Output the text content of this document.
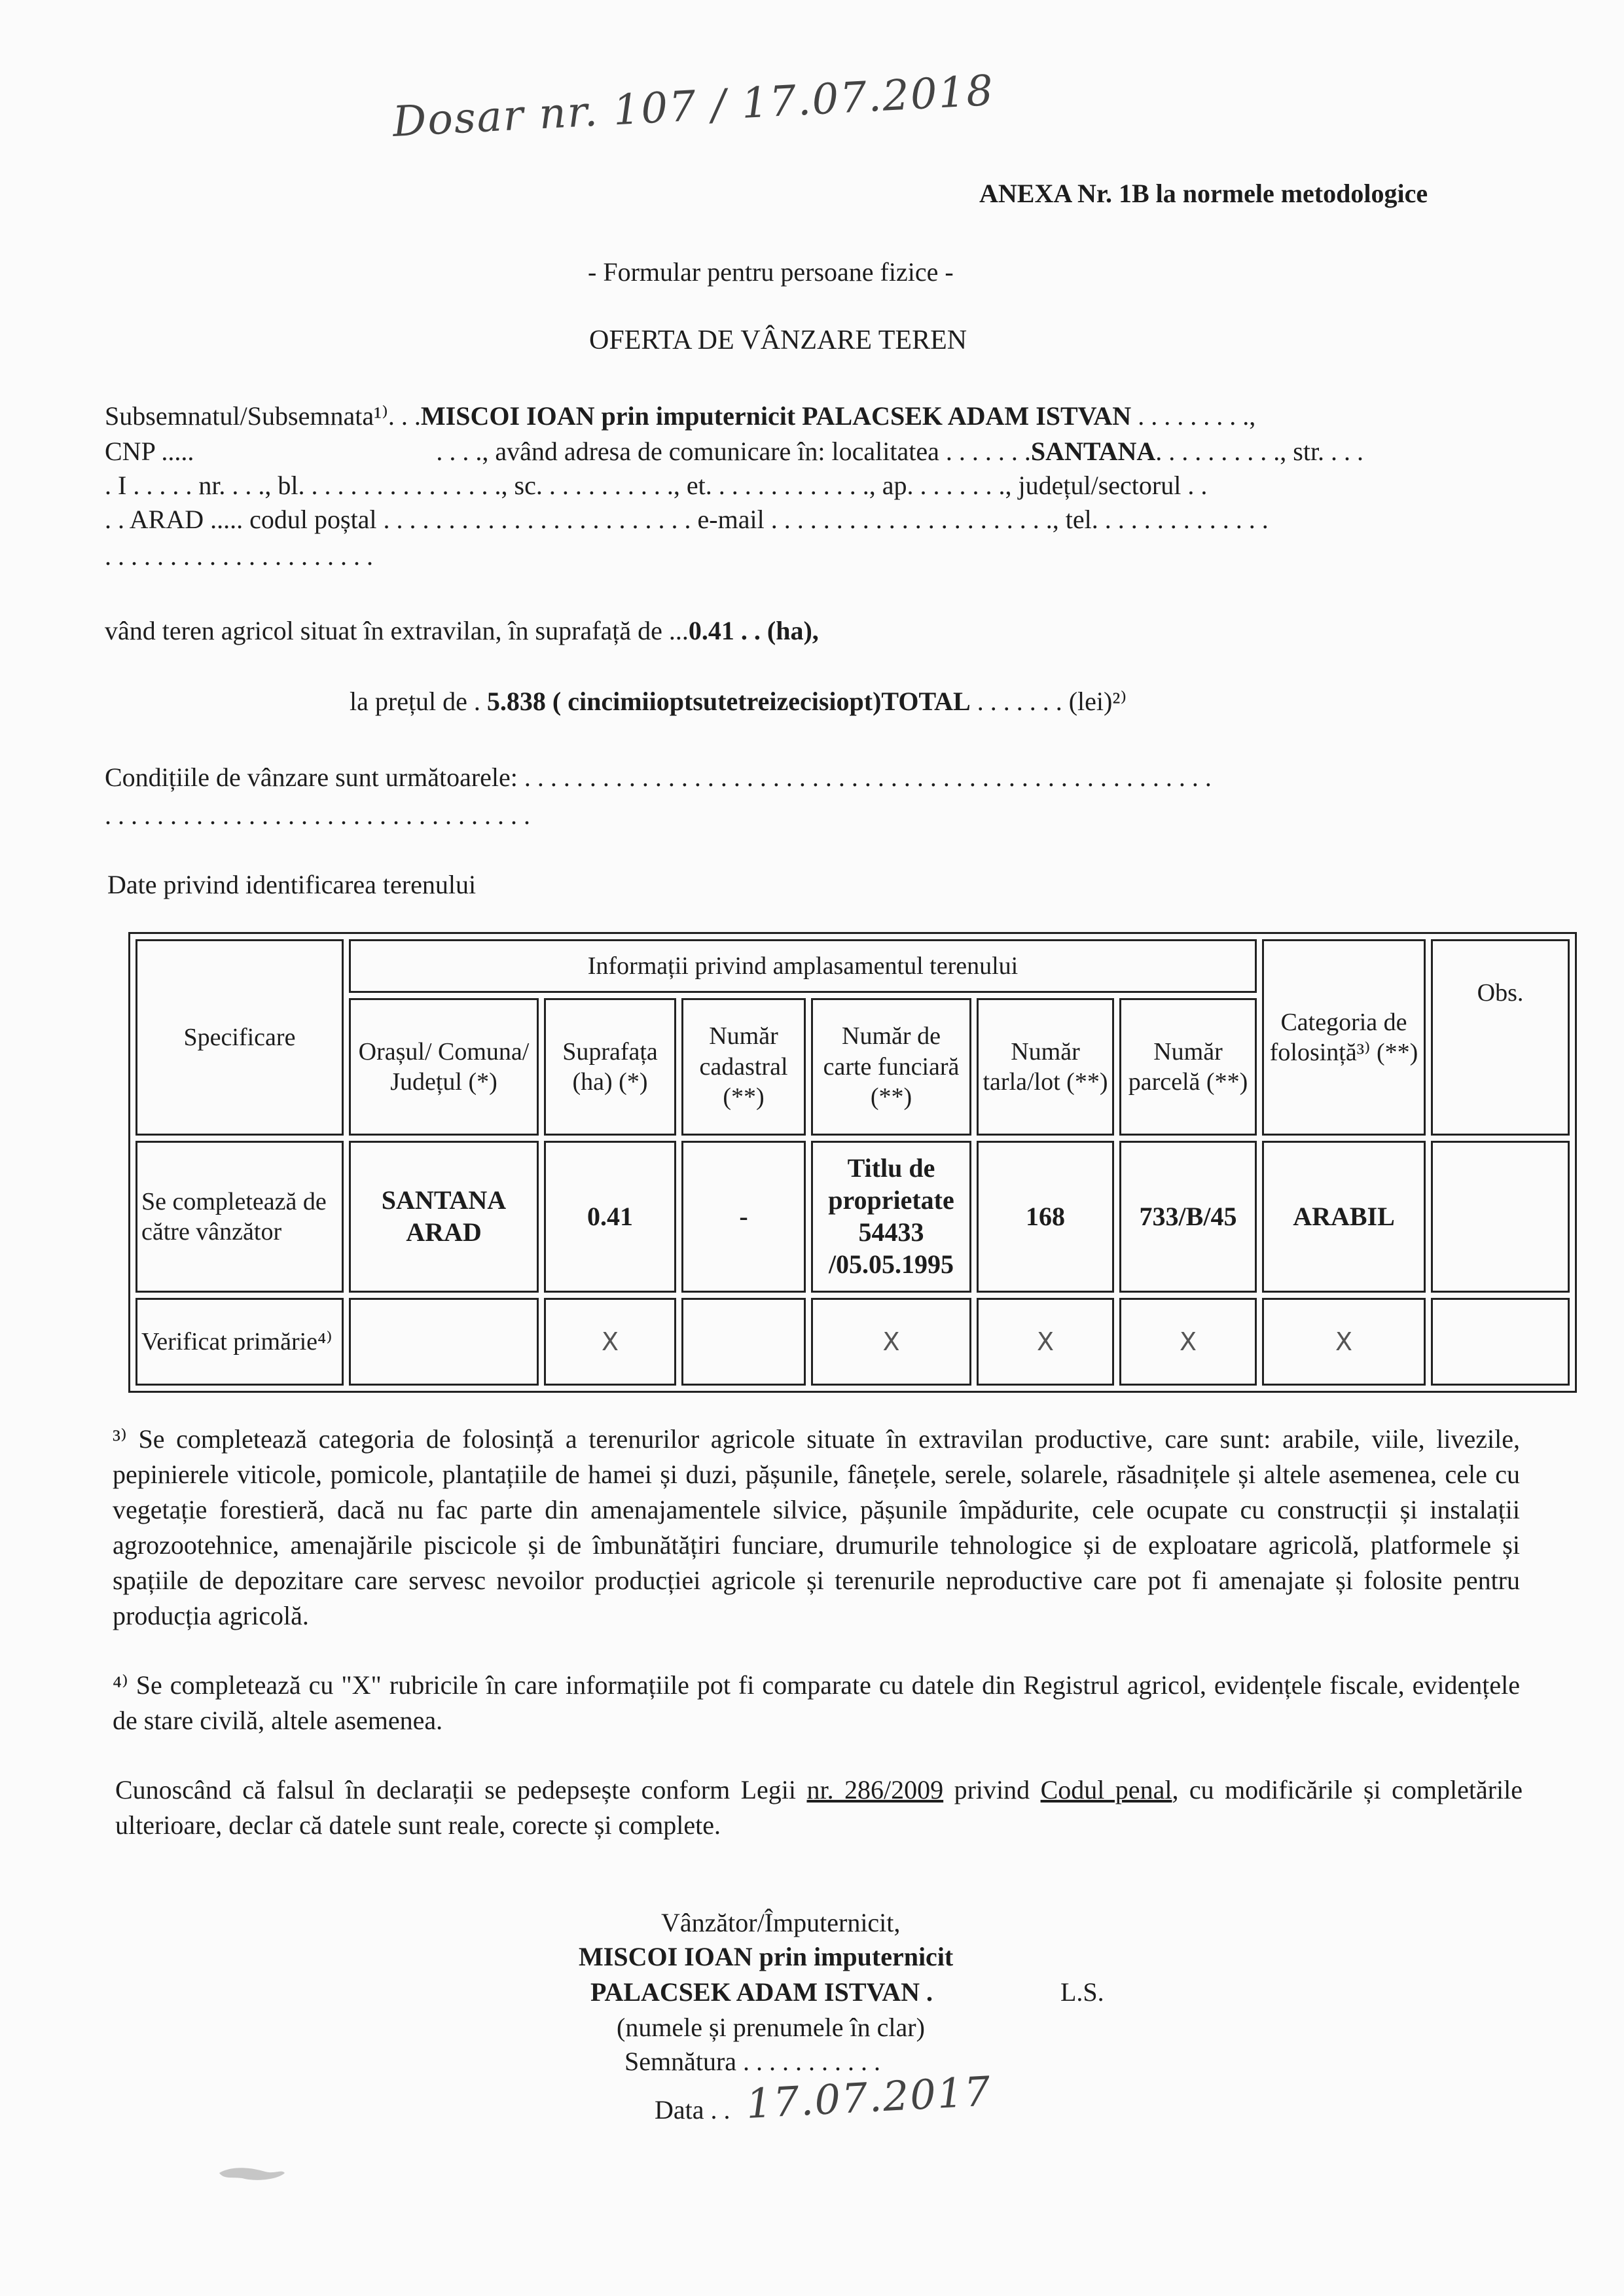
Dosar nr. 107 / 17.07.2018
ANEXA Nr. 1B la normele metodologice
- Formular pentru persoane fizice -
OFERTA DE VÂNZARE TEREN
Subsemnatul/Subsemnata¹⁾. . .MISCOI IOAN prin imputernicit PALACSEK ADAM ISTVAN . . . . . . . . .,
CNP .....	. . . ., având adresa de comunicare în: localitatea . . . . . . .SANTANA. . . . . . . . . ., str. . . .
. I . . . . . nr. . . ., bl. . . . . . . . . . . . . . . ., sc. . . . . . . . . . ., et. . . . . . . . . . . . ., ap. . . . . . . ., județul/sectorul . .
. . ARAD ..... codul poștal . . . . . . . . . . . . . . . . . . . . . . . . e-mail . . . . . . . . . . . . . . . . . . . . . ., tel. . . . . . . . . . . . . .
. . . . . . . . . . . . . . . . . . . . .
vând teren agricol situat în extravilan, în suprafață de ...0.41 . . (ha),
la prețul de . 5.838 ( cincimiioptsutetreizecisiopt)TOTAL . . . . . . . (lei)²⁾
Condițiile de vânzare sunt următoarele: . . . . . . . . . . . . . . . . . . . . . . . . . . . . . . . . . . . . . . . . . . . . . . . . . . . . .
. . . . . . . . . . . . . . . . . . . . . . . . . . . . . . . . .
Date privind identificarea terenului
Specificare	Informații privind amplasamentul terenului						Categoria de folosință³⁾ (**)	Obs.
	Orașul/ Comuna/ Județul (*)	Suprafața (ha) (*)	Număr cadastral (**)	Număr de carte funciară (**)	Număr tarla/lot (**)	Număr parcelă (**)		
Se completează de către vânzător	SANTANA ARAD	0.41	-	Titlu de proprietate 54433 /05.05.1995	168	733/B/45	ARABIL	
Verificat primărie⁴⁾		X		X	X	X	X	
³⁾ Se completează categoria de folosință a terenurilor agricole situate în extravilan productive, care sunt: arabile, viile, livezile, pepinierele viticole, pomicole, plantațiile de hamei și duzi, pășunile, fânețele, serele, solarele, răsadnițele și altele asemenea, cele cu vegetație forestieră, dacă nu fac parte din amenajamentele silvice, pășunile împădurite, cele ocupate cu construcții și instalații agrozootehnice, amenajările piscicole și de îmbunătățiri funciare, drumurile tehnologice și de exploatare agricolă, platformele și spațiile de depozitare care servesc nevoilor producției agricole și terenurile neproductive care pot fi amenajate și folosite pentru producția agricolă.
⁴⁾ Se completează cu "X" rubricile în care informațiile pot fi comparate cu datele din Registrul agricol, evidențele fiscale, evidențele de stare civilă, altele asemenea.
Cunoscând că falsul în declarații se pedepsește conform Legii nr. 286/2009 privind Codul penal, cu modificările și completările ulterioare, declar că datele sunt reale, corecte și complete.
Vânzător/Împuternicit,
MISCOI IOAN prin imputernicit
PALACSEK ADAM ISTVAN .	L.S.
(numele și prenumele în clar)
Semnătura . . . . . . . . . . .
Data . . 17.07.2017
